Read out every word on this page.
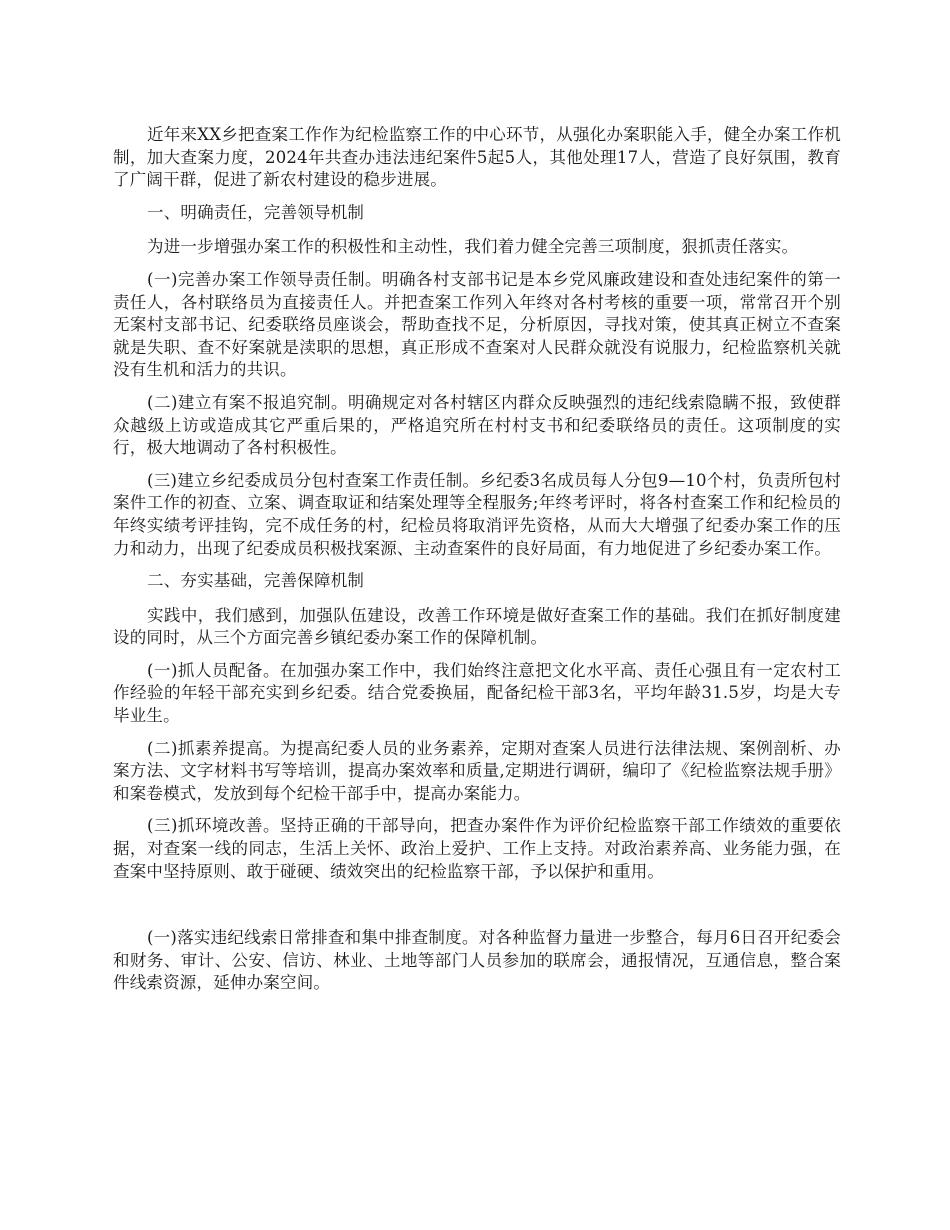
近年来XX乡把查案工作作为纪检监察工作的中心环节，从强化办案职能入手，健全办案工作机制，加大查案力度，2024年共查办违法违纪案件5起5人，其他处理17人，营造了良好氛围，教育了广阔干群，促进了新农村建设的稳步进展。

一、明确责任，完善领导机制

为进一步增强办案工作的积极性和主动性，我们着力健全完善三项制度，狠抓责任落实。

(一)完善办案工作领导责任制。明确各村支部书记是本乡党风廉政建设和查处违纪案件的第一责任人，各村联络员为直接责任人。并把查案工作列入年终对各村考核的重要一项，常常召开个别无案村支部书记、纪委联络员座谈会，帮助查找不足，分析原因，寻找对策，使其真正树立不查案就是失职、查不好案就是渎职的思想，真正形成不查案对人民群众就没有说服力，纪检监察机关就没有生机和活力的共识。

(二)建立有案不报追究制。明确规定对各村辖区内群众反映强烈的违纪线索隐瞒不报，致使群众越级上访或造成其它严重后果的，严格追究所在村村支书和纪委联络员的责任。这项制度的实行，极大地调动了各村积极性。

(三)建立乡纪委成员分包村查案工作责任制。乡纪委3名成员每人分包9—10个村，负责所包村案件工作的初查、立案、调查取证和结案处理等全程服务;年终考评时，将各村查案工作和纪检员的年终实绩考评挂钩，完不成任务的村，纪检员将取消评先资格，从而大大增强了纪委办案工作的压力和动力，出现了纪委成员积极找案源、主动查案件的良好局面，有力地促进了乡纪委办案工作。

二、夯实基础，完善保障机制

实践中，我们感到，加强队伍建设，改善工作环境是做好查案工作的基础。我们在抓好制度建设的同时，从三个方面完善乡镇纪委办案工作的保障机制。

(一)抓人员配备。在加强办案工作中，我们始终注意把文化水平高、责任心强且有一定农村工作经验的年轻干部充实到乡纪委。结合党委换届，配备纪检干部3名，平均年龄31.5岁，均是大专毕业生。

(二)抓素养提高。为提高纪委人员的业务素养，定期对查案人员进行法律法规、案例剖析、办案方法、文字材料书写等培训，提高办案效率和质量,定期进行调研，编印了《纪检监察法规手册》和案卷模式，发放到每个纪检干部手中，提高办案能力。

(三)抓环境改善。坚持正确的干部导向，把查办案件作为评价纪检监察干部工作绩效的重要依据，对查案一线的同志，生活上关怀、政治上爱护、工作上支持。对政治素养高、业务能力强，在查案中坚持原则、敢于碰硬、绩效突出的纪检监察干部，予以保护和重用。

(一)落实违纪线索日常排查和集中排查制度。对各种监督力量进一步整合，每月6日召开纪委会和财务、审计、公安、信访、林业、土地等部门人员参加的联席会，通报情况，互通信息，整合案件线索资源，延伸办案空间。
